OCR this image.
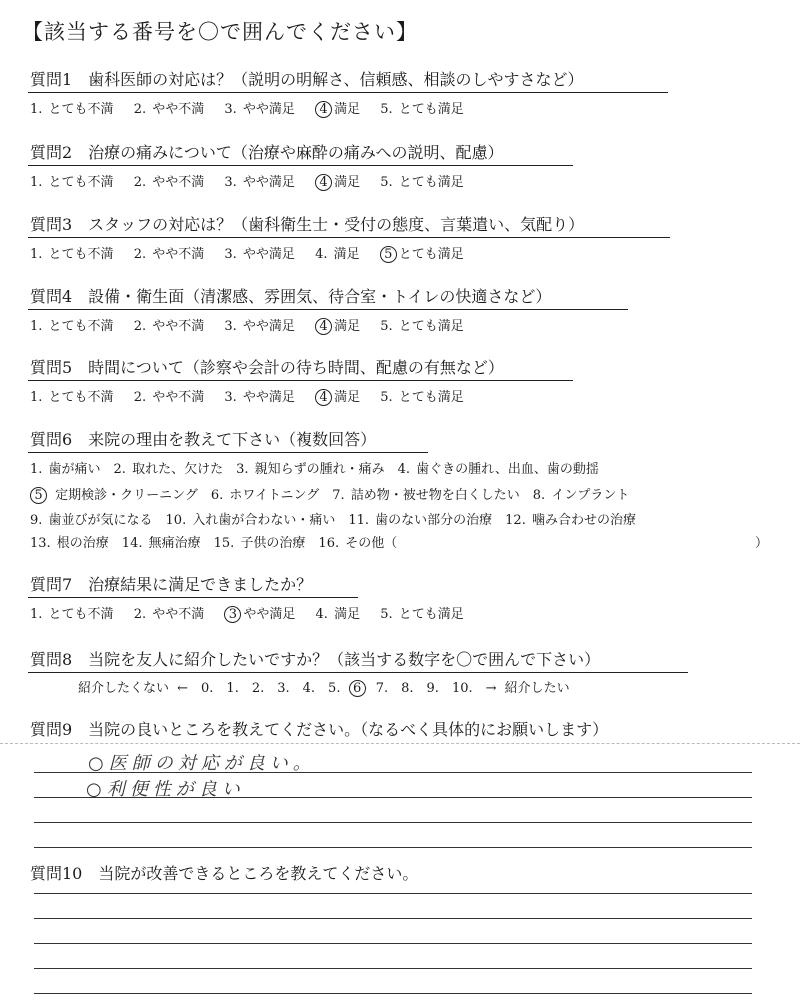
【該当する番号を〇で囲んでください】
質問1　歯科医師の対応は？（説明の明解さ、信頼感、相談のしやすさなど）
1. とても不満 2. やや不満 3. やや満足 4 満足 5. とても満足
質問2　治療の痛みについて（治療や麻酔の痛みへの説明、配慮）
1. とても不満 2. やや不満 3. やや満足 4 満足 5. とても満足
質問3　スタッフの対応は？（歯科衛生士・受付の態度、言葉遣い、気配り）
1. とても不満 2. やや不満 3. やや満足 4. 満足 5 とても満足
質問4　設備・衛生面（清潔感、雰囲気、待合室・トイレの快適さなど）
1. とても不満 2. やや不満 3. やや満足 4 満足 5. とても満足
質問5　時間について（診察や会計の待ち時間、配慮の有無など）
1. とても不満 2. やや不満 3. やや満足 4 満足 5. とても満足
質問6　来院の理由を教えて下さい（複数回答）
1. 歯が痛い　2. 取れた、欠けた　3. 親知らずの腫れ・痛み　4. 歯ぐきの腫れ、出血、歯の動揺
5 定期検診・クリーニング　6. ホワイトニング　7. 詰め物・被せ物を白くしたい　8. インプラント
9. 歯並びが気になる　10. 入れ歯が合わない・痛い　11. 歯のない部分の治療　12. 噛み合わせの治療
13. 根の治療　14. 無痛治療　15. 子供の治療　16. その他（	）
質問7　治療結果に満足できましたか？
1. とても不満 2. やや不満 3 やや満足 4. 満足 5. とても満足
質問8　当院を友人に紹介したいですか？（該当する数字を〇で囲んで下さい）
紹介したくない ←　0.　1.　2.　3.　4.　5. 6 7.　8.　9.　10.　→ 紹介したい
質問9　当院の良いところを教えてください。（なるべく具体的にお願いします）
○医師の対応が良い。
○利便性が良い
質問10　当院が改善できるところを教えてください。
